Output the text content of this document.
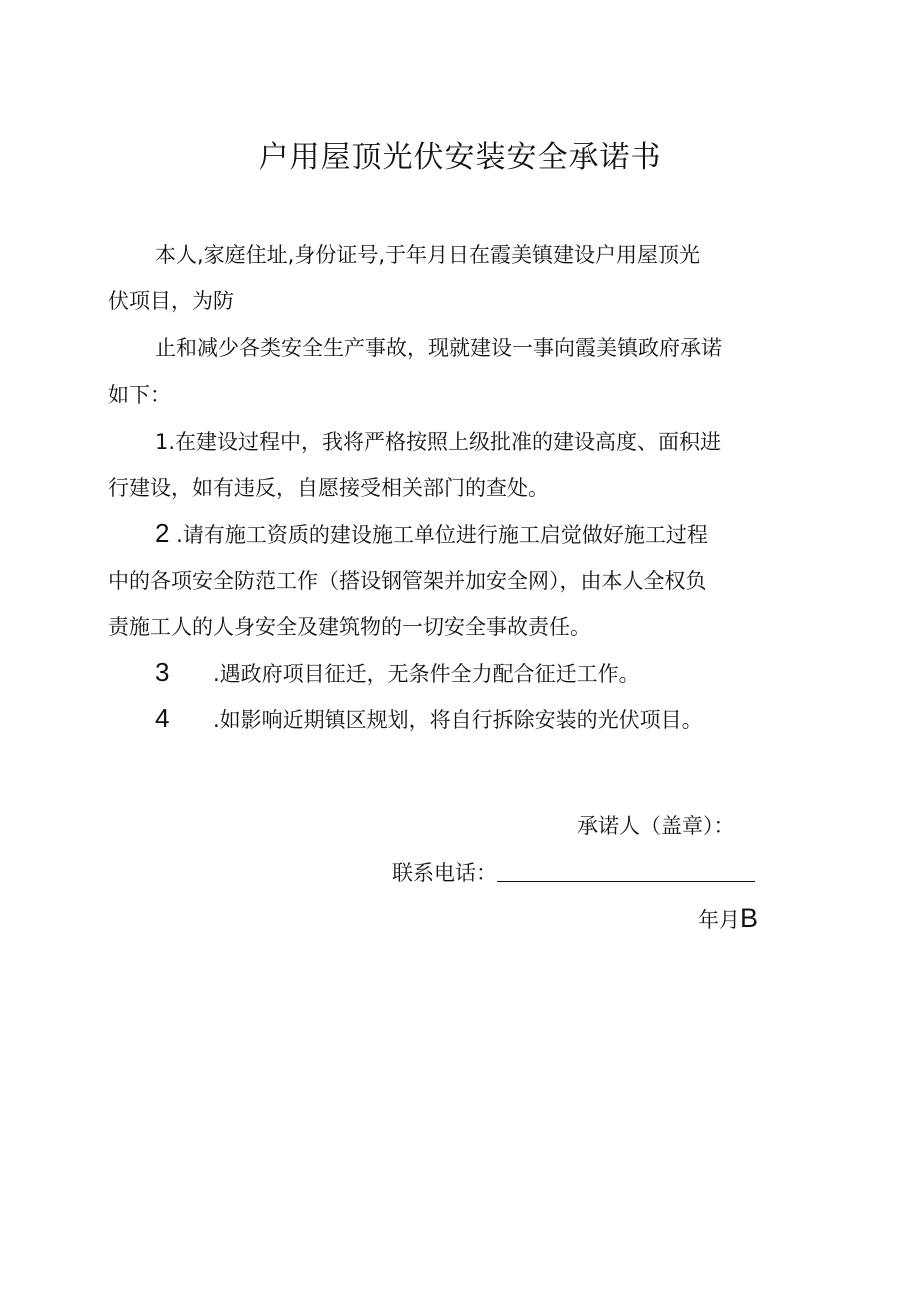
户用屋顶光伏安装安全承诺书
本人,家庭住址,身份证号,于年月日在霞美镇建设户用屋顶光
伏项目，为防
止和减少各类安全生产事故，现就建设一事向霞美镇政府承诺
如下：
1.在建设过程中，我将严格按照上级批准的建设高度、面积进
行建设，如有违反，自愿接受相关部门的查处。
2 .请有施工资质的建设施工单位进行施工启觉做好施工过程
中的各项安全防范工作（搭设钢管架并加安全网），由本人全权负
责施工人的人身安全及建筑物的一切安全事故责任。
3 .遇政府项目征迁，无条件全力配合征迁工作。
4 .如影响近期镇区规划，将自行拆除安装的光伏项目。
承诺人（盖章）：
联系电话：
年月B
